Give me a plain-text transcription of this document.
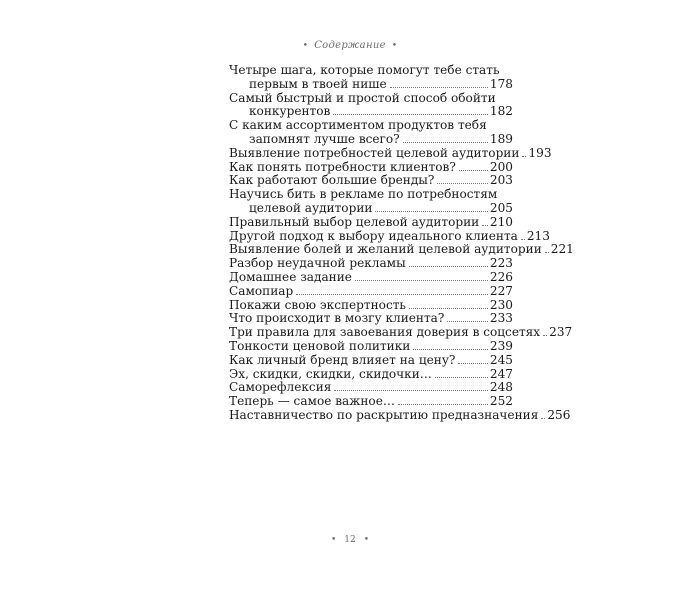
• Содержание •
Четыре шага, которые помогут тебе стать
первым в твоей нише	178
Самый быстрый и простой способ обойти
конкурентов	182
С каким ассортиментом продуктов тебя
запомнят лучше всего?	189
Выявление потребностей целевой аудитории 193
Как понять потребности клиентов?	200
Как работают большие бренды?	203
Научись бить в рекламе по потребностям
целевой аудитории	205
Правильный выбор целевой аудитории 210
Другой подход к выбору идеального клиента 213
Выявление болей и желаний целевой аудитории 221
Разбор неудачной рекламы	223
Домашнее задание	226
Самопиар	227
Покажи свою экспертность	230
Что происходит в мозгу клиента?	233
Три правила для завоевания доверия в соцсетях 237
Тонкости ценовой политики	239
Как личный бренд влияет на цену?	245
Эх, скидки, скидки, скидочки…	247
Саморефлексия	248
Теперь — самое важное…	252
Наставничество по раскрытию предназначения 256
• 12 •
